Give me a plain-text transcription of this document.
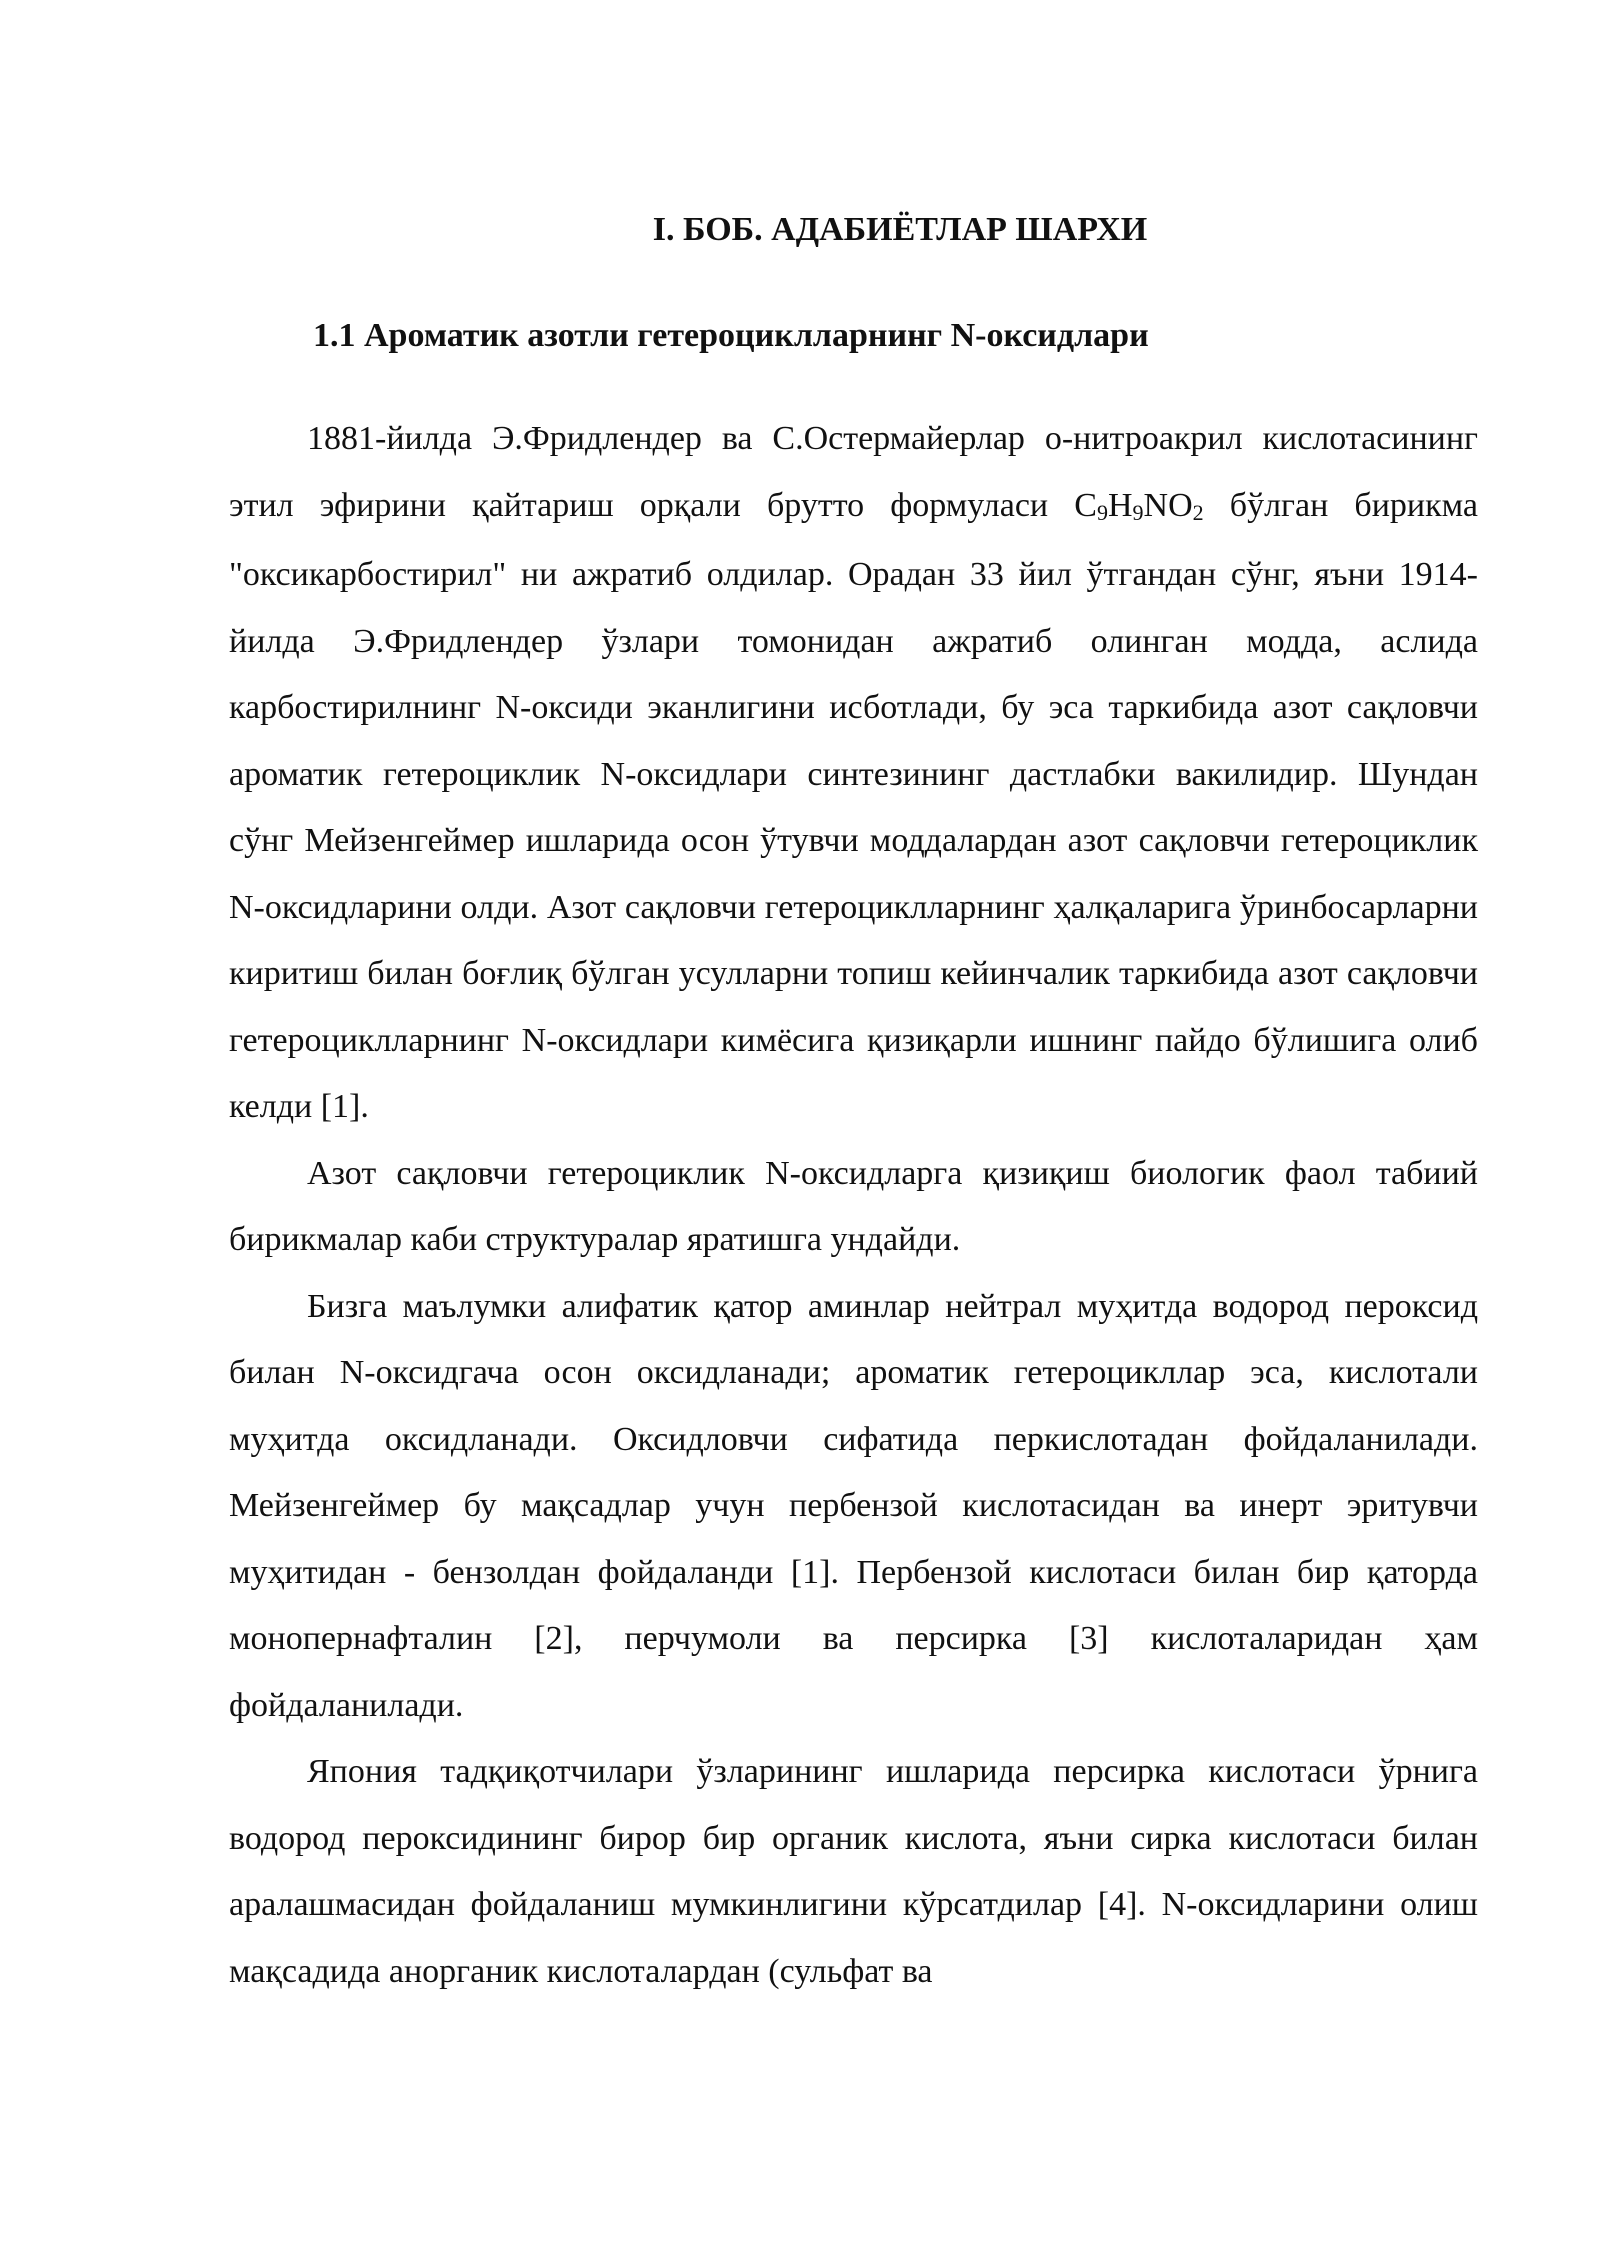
I. БОБ. АДАБИЁТЛАР ШАРХИ
1.1 Ароматик азотли гетероциклларнинг N-оксидлари

1881-йилда Э.Фридлендер ва С.Остермайерлар о-нитроакрил кислотасининг этил эфирини қайтариш орқали брутто формуласи $C_9H_9NO_2$ бўлган бирикма "оксикарбостирил" ни ажратиб олдилар. Орадан 33 йил ўтгандан сўнг, яъни 1914-йилда Э.Фридлендер ўзлари томонидан ажратиб олинган модда, аслида карбостирилнинг N-оксиди эканлигини исботлади, бу эса таркибида азот сақловчи ароматик гетероциклик N-оксидлари синтезининг дастлабки вакилидир. Шундан сўнг Мейзенгеймер ишларида осон ўтувчи моддалардан азот сақловчи гетероциклик N-оксидларини олди. Азот сақловчи гетероциклларнинг ҳалқаларига ўринбосарларни киритиш билан боғлиқ бўлган усулларни топиш кейинчалик таркибида азот сақловчи гетероциклларнинг N-оксидлари кимёсига қизиқарли ишнинг пайдо бўлишига олиб келди [1].

Азот сақловчи гетероциклик N-оксидларга қизиқиш биологик фаол табиий бирикмалар каби структуралар яратишга ундайди.

Бизга маълумки алифатик қатор аминлар нейтрал муҳитда водород пероксид билан N-оксидгача осон оксидланади; ароматик гетероцикллар эса, кислотали муҳитда оксидланади. Оксидловчи сифатида перкислотадан фойдаланилади. Мейзенгеймер бу мақсадлар учун пербензой кислотасидан ва инерт эритувчи муҳитидан - бензолдан фойдаланди [1]. Пербензой кислотаси билан бир қаторда монопернафталин [2], перчумоли ва персирка [3] кислоталаридан ҳам фойдаланилади.

Япония тадқиқотчилари ўзларининг ишларида персирка кислотаси ўрнига водород пероксидининг бирор бир органик кислота, яъни сирка кислотаси билан аралашмасидан фойдаланиш мумкинлигини кўрсатдилар [4]. N-оксидларини олиш мақсадида анорганик кислоталардан (сульфат ва
